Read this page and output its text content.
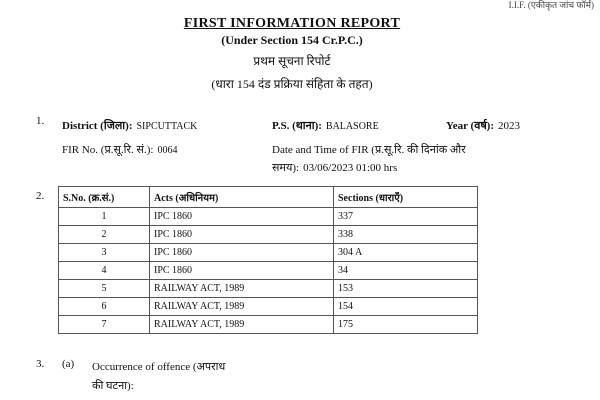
I.I.F. (एकीकृत जांच फॉर्म)
FIRST INFORMATION REPORT
(Under Section 154 Cr.P.C.)
प्रथम सूचना रिपोर्ट
(धारा 154 दंड प्रक्रिया संहिता के तहत)
1. District (जिला): SIPCUTTACK	P.S. (थाना): BALASORE	Year (वर्ष): 2023
FIR No. (प्र.सू.रि. सं.): 0064	Date and Time of FIR (प्र.सू.रि. की दिनांक और
समय): 03/06/2023 01:00 hrs
2. S.No. (क्र.सं.)	Acts (अधिनियम)	Sections (धाराएँ)
1	IPC 1860	337
2	IPC 1860	338
3	IPC 1860	304 A
4	IPC 1860	34
5	RAILWAY ACT, 1989	153
6	RAILWAY ACT, 1989	154
7	RAILWAY ACT, 1989	175
3. (a) Occurrence of offence (अपराध
की घटना):
